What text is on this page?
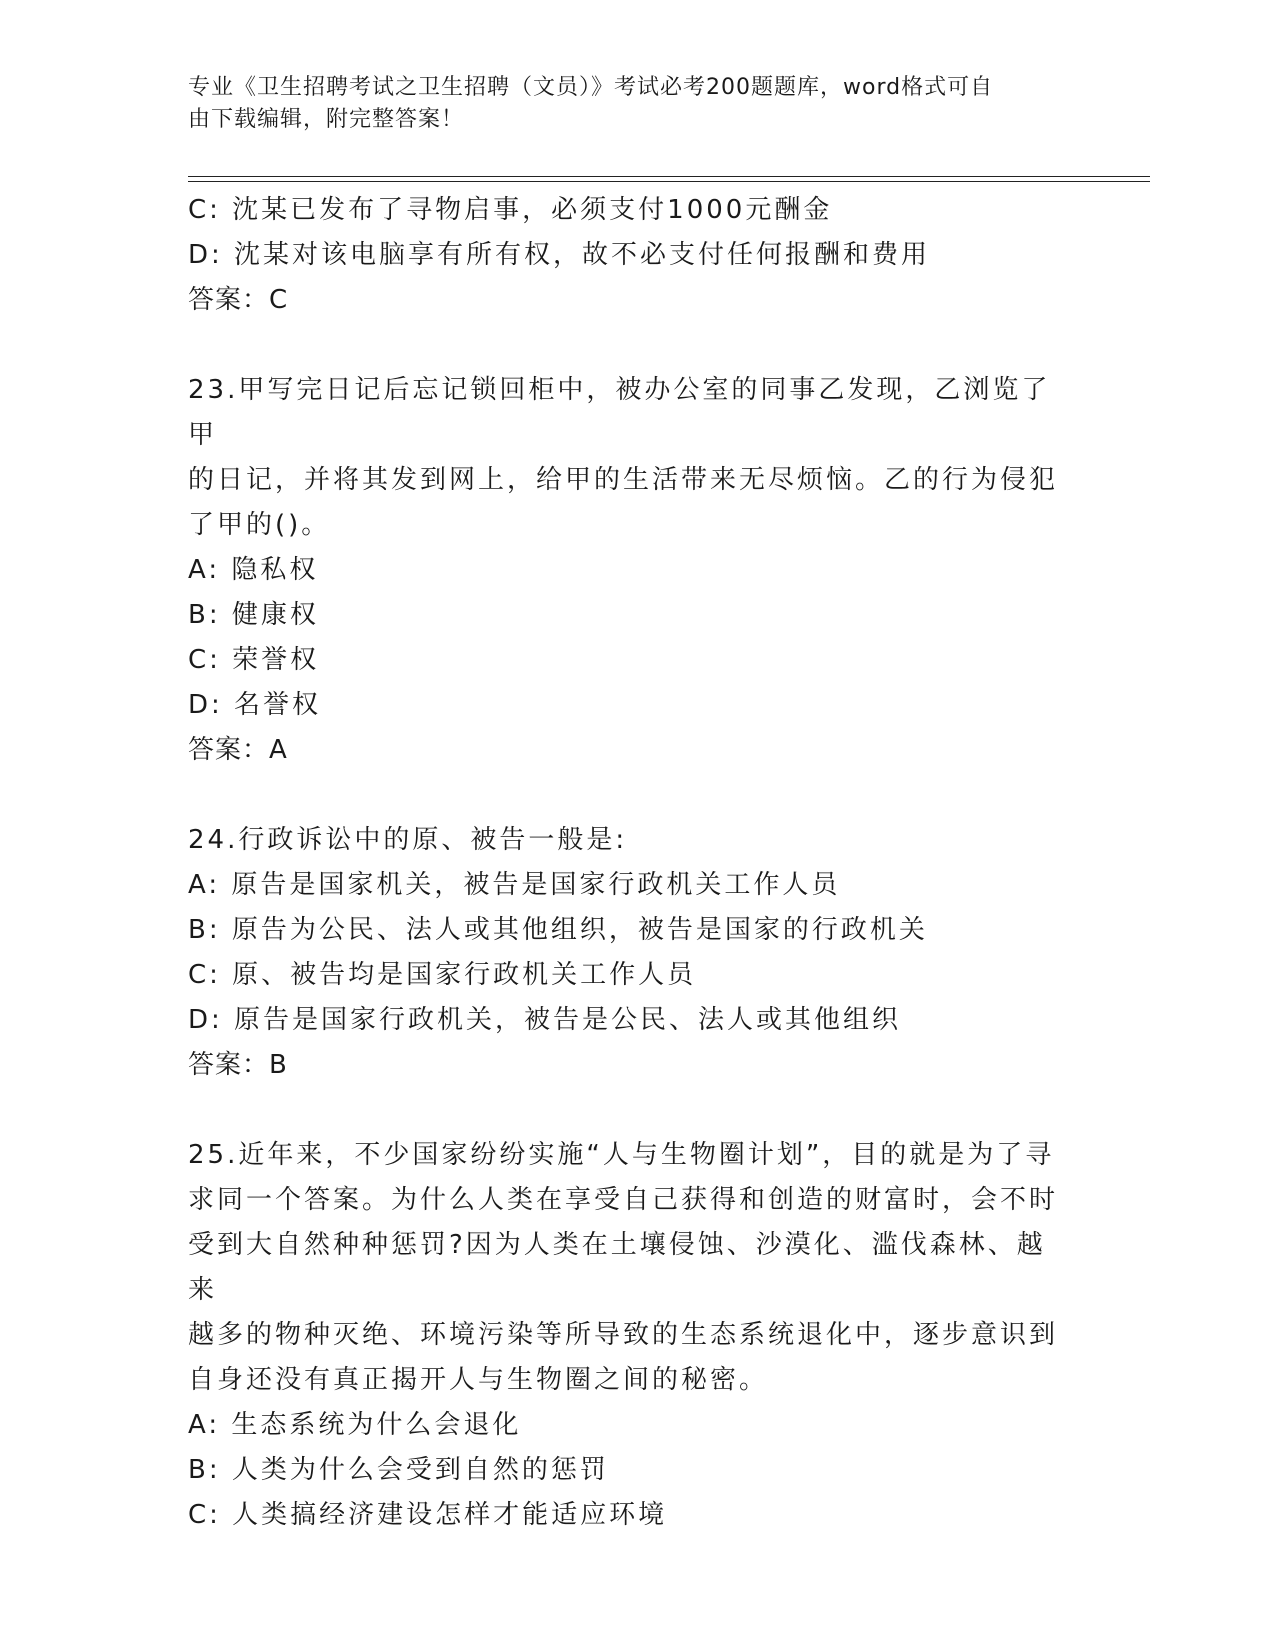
专业《卫生招聘考试之卫生招聘（文员）》考试必考200题题库，word格式可自
由下载编辑，附完整答案！
C: 沈某已发布了寻物启事，必须支付1000元酬金
D: 沈某对该电脑享有所有权，故不必支付任何报酬和费用
答案：C
23.甲写完日记后忘记锁回柜中，被办公室的同事乙发现，乙浏览了甲
的日记，并将其发到网上，给甲的生活带来无尽烦恼。乙的行为侵犯
了甲的()。
A: 隐私权
B: 健康权
C: 荣誉权
D: 名誉权
答案：A
24.行政诉讼中的原、被告一般是:
A: 原告是国家机关，被告是国家行政机关工作人员
B: 原告为公民、法人或其他组织，被告是国家的行政机关
C: 原、被告均是国家行政机关工作人员
D: 原告是国家行政机关，被告是公民、法人或其他组织
答案：B
25.近年来，不少国家纷纷实施“人与生物圈计划”，目的就是为了寻
求同一个答案。为什么人类在享受自己获得和创造的财富时，会不时
受到大自然种种惩罚?因为人类在土壤侵蚀、沙漠化、滥伐森林、越来
越多的物种灭绝、环境污染等所导致的生态系统退化中，逐步意识到
自身还没有真正揭开人与生物圈之间的秘密。
A: 生态系统为什么会退化
B: 人类为什么会受到自然的惩罚
C: 人类搞经济建设怎样才能适应环境
